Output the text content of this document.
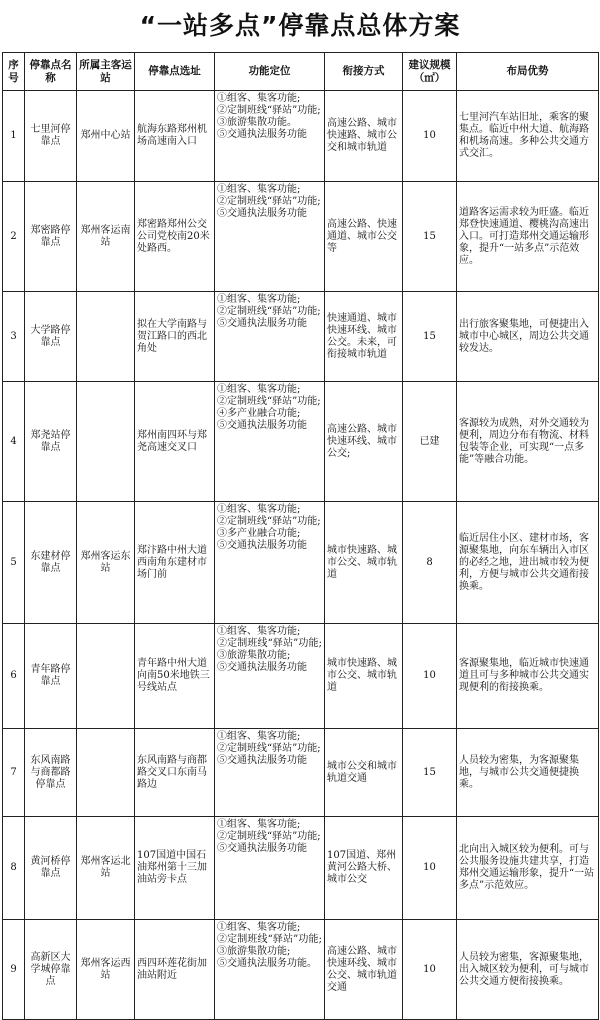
“一站多点”停靠点总体方案
序号	停靠点名称	所属主客运站	停靠点选址	功能定位	衔接方式	建议规模（㎡）	布局优势
1	七里河停靠点	郑州中心站	航海东路郑州机场高速南入口	①组客、集客功能;
②定制班线“驿站”功能;
③旅游集散功能。
⑤交通执法服务功能	高速公路、城市快速路、城市公交和城市轨道	10	七里河汽车站旧址，乘客的聚集点。临近中州大道、航海路和机场高速。多种公共交通方式交汇。
2	郑密路停靠点	郑州客运南站	郑密路郑州公交公司党校南20米处路西。	①组客、集客功能;
②定制班线“驿站”功能;
⑤交通执法服务功能	高速公路、快速通道、城市公交等	15	道路客运需求较为旺盛。临近郑登快速通道、樱桃沟高速出入口。可打造郑州交通运输形象，提升“一站多点”示范效应。
3	大学路停靠点		拟在大学南路与贺江路口的西北角处	①组客、集客功能;
②定制班线“驿站”功能;
⑤交通执法服务功能	快速通道、城市快速环线、城市公交。未来，可衔接城市轨道	15	出行旅客聚集地，可便捷出入城市中心城区，周边公共交通较发达。
4	郑尧站停靠点		郑州南四环与郑尧高速交叉口	①组客、集客功能;
②定制班线“驿站”功能;
④多产业融合功能;
⑤交通执法服务功能	高速公路、城市快速环线、城市公交;	已建	客源较为成熟，对外交通较为便利，周边分布有物流、材料包装等企业，可实现“一点多能”等融合功能。
5	东建材停靠点	郑州客运东站	郑汴路中州大道西南角东建材市场门前	①组客、集客功能;
②定制班线“驿站”功能;
③多产业融合功能;
⑤交通执法服务功能	城市快速路、城市公交、城市轨道	8	临近居住小区、建材市场，客源聚集地，向东车辆出入市区的必经之地，进出城市较为便利，方便与城市公共交通衔接换乘。
6	青年路停靠点		青年路中州大道向南50米地铁三号线站点	①组客、集客功能;
②定制班线“驿站”功能;③旅游集散功能;
⑤交通执法服务功能	城市快速路、城市公交、城市轨道	10	客源聚集地，临近城市快速通道且可与多种城市公共交通实现便利的衔接换乘。
7	东风南路与商都路停靠点		东风南路与商都路交叉口东南马路边	①组客、集客功能;
②定制班线“驿站”功能;
⑤交通执法服务功能	城市公交和城市轨道交通	15	人员较为密集，为客源聚集地，与城市公共交通便捷换乘。
8	黄河桥停靠点	郑州客运北站	107国道中国石油郑州第十三加油站旁卡点	①组客、集客功能;
②定制班线“驿站”功能;
⑤交通执法服务功能	107国道、郑州黄河公路大桥、城市公交	10	北向出入城区较为便利。可与公共服务设施共建共享，打造郑州交通运输形象，提升“一站多点”示范效应。
9	高新区大学城停靠点	郑州客运西站	西四环莲花街加油站附近	①组客、集客功能;
②定制班线“驿站”功能;③旅游集散功能;
⑤交通执法服务功能。	高速公路、城市快速环线、城市公交、城市轨道交通	10	人员较为密集，客源聚集地，出入城区较为便利，可与城市公共交通方便衔接换乘。
